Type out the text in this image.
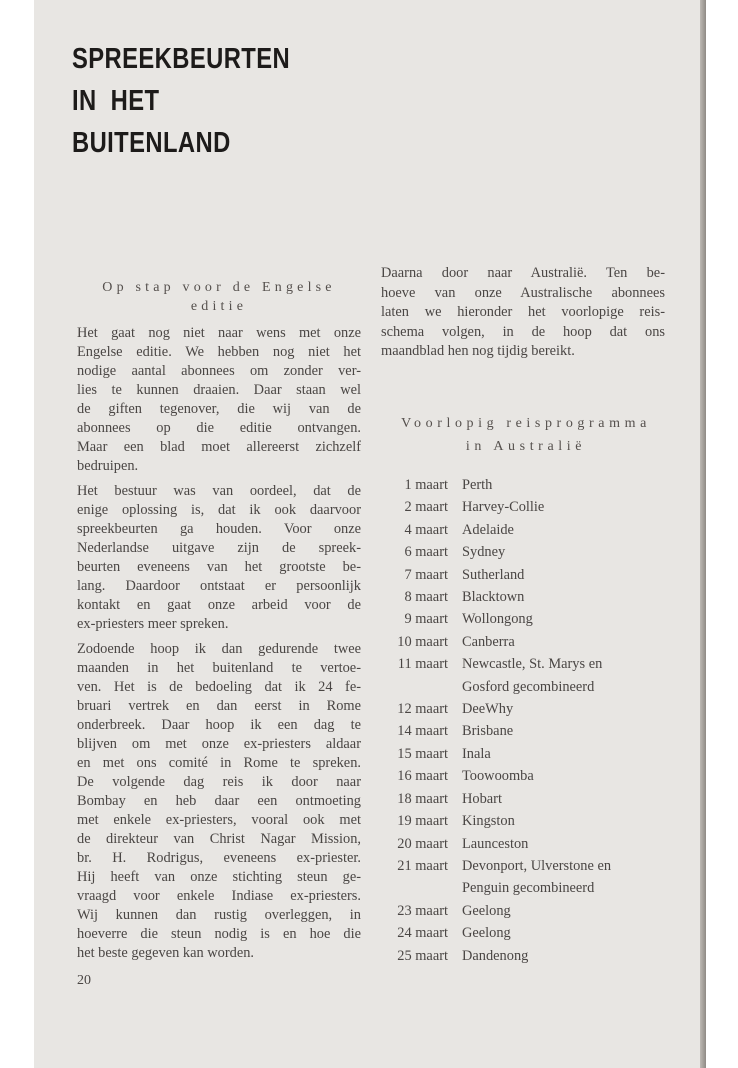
SPREEKBEURTEN
IN  HET
BUITENLAND
Op stap voor de Engelse
editie
Het gaat nog niet naar wens met onze
Engelse editie. We hebben nog niet het
nodige aantal abonnees om zonder ver-
lies te kunnen draaien. Daar staan wel
de giften tegenover, die wij van de
abonnees op die editie ontvangen.
Maar een blad moet allereerst zichzelf
bedruipen.
Het bestuur was van oordeel, dat de
enige oplossing is, dat ik ook daarvoor
spreekbeurten ga houden. Voor onze
Nederlandse uitgave zijn de spreek-
beurten eveneens van het grootste be-
lang. Daardoor ontstaat er persoonlijk
kontakt en gaat onze arbeid voor de
ex-priesters meer spreken.
Zodoende hoop ik dan gedurende twee
maanden in het buitenland te vertoe-
ven. Het is de bedoeling dat ik 24 fe-
bruari vertrek en dan eerst in Rome
onderbreek. Daar hoop ik een dag te
blijven om met onze ex-priesters aldaar
en met ons comité in Rome te spreken.
De volgende dag reis ik door naar
Bombay en heb daar een ontmoeting
met enkele ex-priesters, vooral ook met
de direkteur van Christ Nagar Mission,
br. H. Rodrigus, eveneens ex-priester.
Hij heeft van onze stichting steun ge-
vraagd voor enkele Indiase ex-priesters.
Wij kunnen dan rustig overleggen, in
hoeverre die steun nodig is en hoe die
het beste gegeven kan worden.
20
Daarna door naar Australië. Ten be-
hoeve van onze Australische abonnees
laten we hieronder het voorlopige reis-
schema volgen, in de hoop dat ons
maandblad hen nog tijdig bereikt.
Voorlopig reisprogramma
in Australië
1 maart Perth
2 maart Harvey-Collie
4 maart Adelaide
6 maart Sydney
7 maart Sutherland
8 maart Blacktown
9 maart Wollongong
10 maart Canberra
11 maart Newcastle, St. Marys en
Gosford gecombineerd
12 maart DeeWhy
14 maart Brisbane
15 maart Inala
16 maart Toowoomba
18 maart Hobart
19 maart Kingston
20 maart Launceston
21 maart Devonport, Ulverstone en
Penguin gecombineerd
23 maart Geelong
24 maart Geelong
25 maart Dandenong
